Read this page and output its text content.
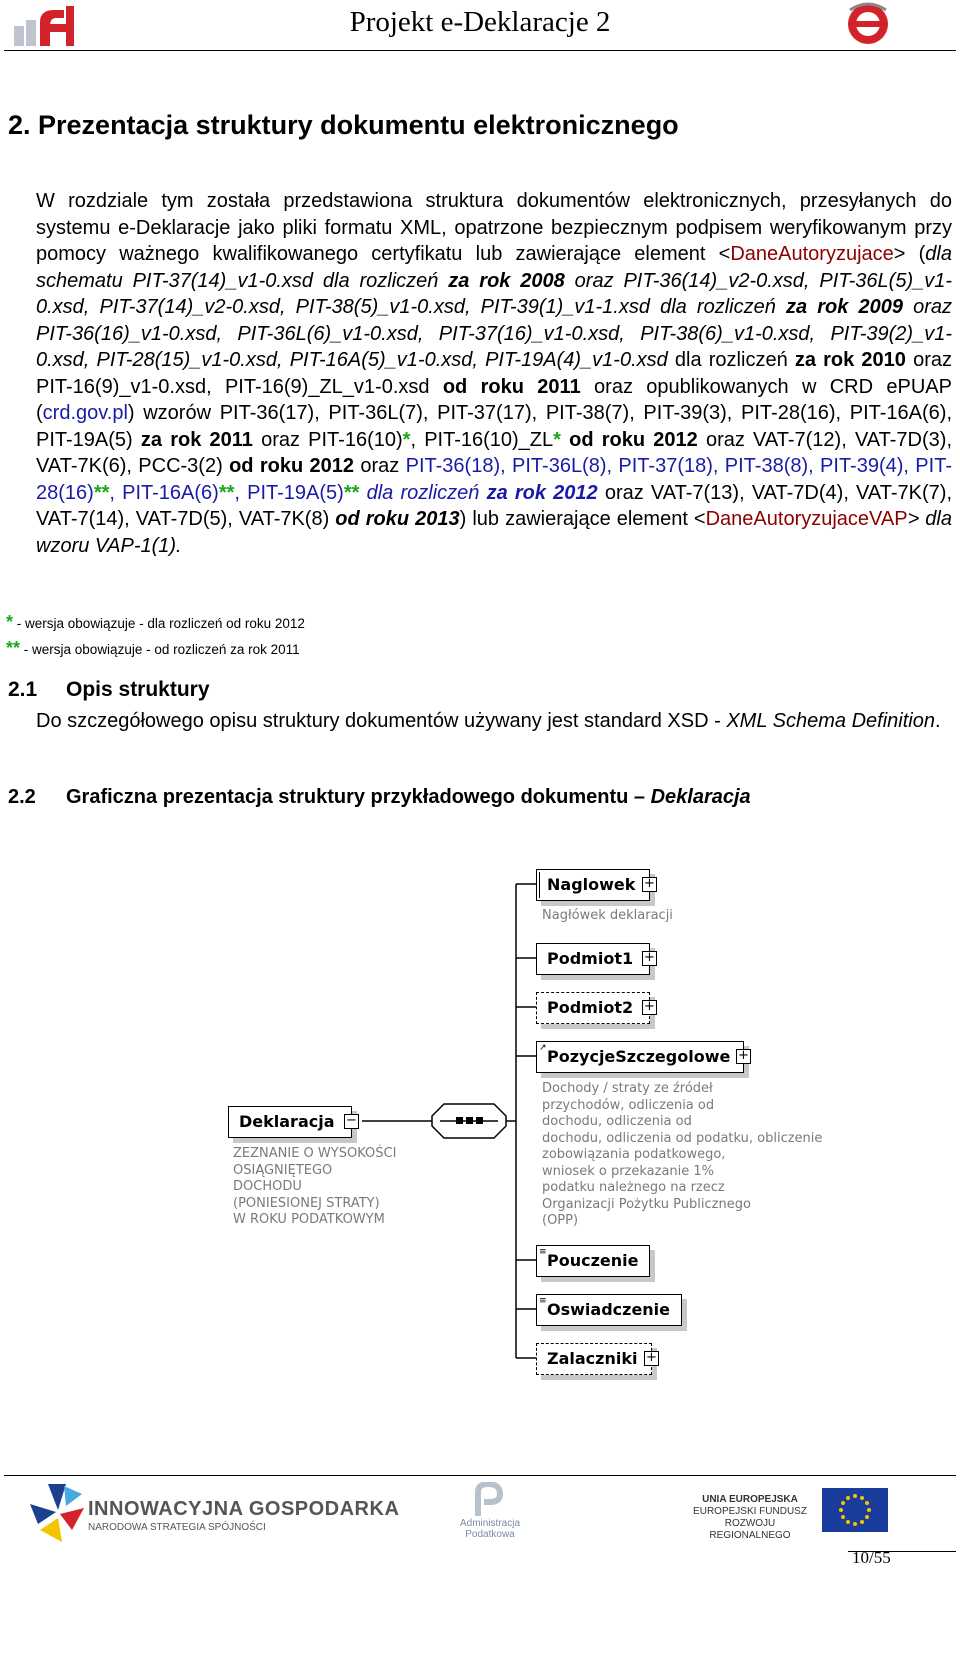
Projekt e-Deklaracje 2
2. Prezentacja struktury dokumentu elektronicznego

W rozdziale tym została przedstawiona struktura dokumentów elektronicznych, przesyłanych do systemu e-Deklaracje jako pliki formatu XML, opatrzone bezpiecznym podpisem weryfikowanym przy pomocy ważnego kwalifikowanego certyfikatu lub zawierające element <DaneAutoryzujace> (dla schematu PIT-37(14)_v1-0.xsd dla rozliczeń za rok 2008 oraz PIT-36(14)_v2-0.xsd, PIT-36L(5)_v1-0.xsd, PIT-37(14)_v2-0.xsd, PIT-38(5)_v1-0.xsd, PIT-39(1)_v1-1.xsd dla rozliczeń za rok 2009 oraz PIT-36(16)_v1-0.xsd, PIT-36L(6)_v1-0.xsd, PIT-37(16)_v1-0.xsd, PIT-38(6)_v1-0.xsd, PIT-39(2)_v1-0.xsd, PIT-28(15)_v1-0.xsd, PIT-16A(5)_v1-0.xsd, PIT-19A(4)_v1-0.xsd dla rozliczeń za rok 2010 oraz PIT-16(9)_v1-0.xsd, PIT-16(9)_ZL_v1-0.xsd od roku 2011 oraz opublikowanych w CRD ePUAP (crd.gov.pl) wzorów PIT-36(17), PIT-36L(7), PIT-37(17), PIT-38(7), PIT-39(3), PIT-28(16), PIT-16A(6), PIT-19A(5) za rok 2011 oraz PIT-16(10)*, PIT-16(10)_ZL* od roku 2012 oraz VAT-7(12), VAT-7D(3), VAT-7K(6), PCC-3(2) od roku 2012 oraz PIT-36(18), PIT-36L(8), PIT-37(18), PIT-38(8), PIT-39(4), PIT-28(16)**, PIT-16A(6)**, PIT-19A(5)** dla rozliczeń za rok 2012 oraz VAT-7(13), VAT-7D(4), VAT-7K(7), VAT-7(14), VAT-7D(5), VAT-7K(8) od roku 2013) lub zawierające element <DaneAutoryzujaceVAP> dla wzoru VAP-1(1).

* - wersja obowiązuje - dla rozliczeń od roku 2012
** - wersja obowiązuje - od rozliczeń za rok 2011
2.1 Opis struktury

Do szczegółowego opisu struktury dokumentów używany jest standard XSD - XML Schema Definition.

2.2 Graficzna prezentacja struktury przykładowego dokumentu – Deklaracja
Deklaracja −
ZEZNANIE O WYSOKOŚCI
OSIĄGNIĘTEGO
DOCHODU
(PONIESIONEJ STRATY)
W ROKU PODATKOWYM
Naglowek +
Nagłówek deklaracji
Podmiot1 +
Podmiot2 +
↗ PozycjeSzczegolowe +
Dochody / straty ze źródeł
przychodów, odliczenia od
dochodu, odliczenia od
dochodu, odliczenia od podatku, obliczenie
zobowiązania podatkowego,
wniosek o przekazanie 1%
podatku należnego na rzecz
Organizacji Pożytku Publicznego
(OPP)
≡ Pouczenie
≡ Oswiadczenie
Zalaczniki +
INNOWACYJNA GOSPODARKA
NARODOWA STRATEGIA SPÓJNOŚCI	Administracja
Podatkowa
UNIA EUROPEJSKA
EUROPEJSKI FUNDUSZ
ROZWOJU REGIONALNEGO
10/55
